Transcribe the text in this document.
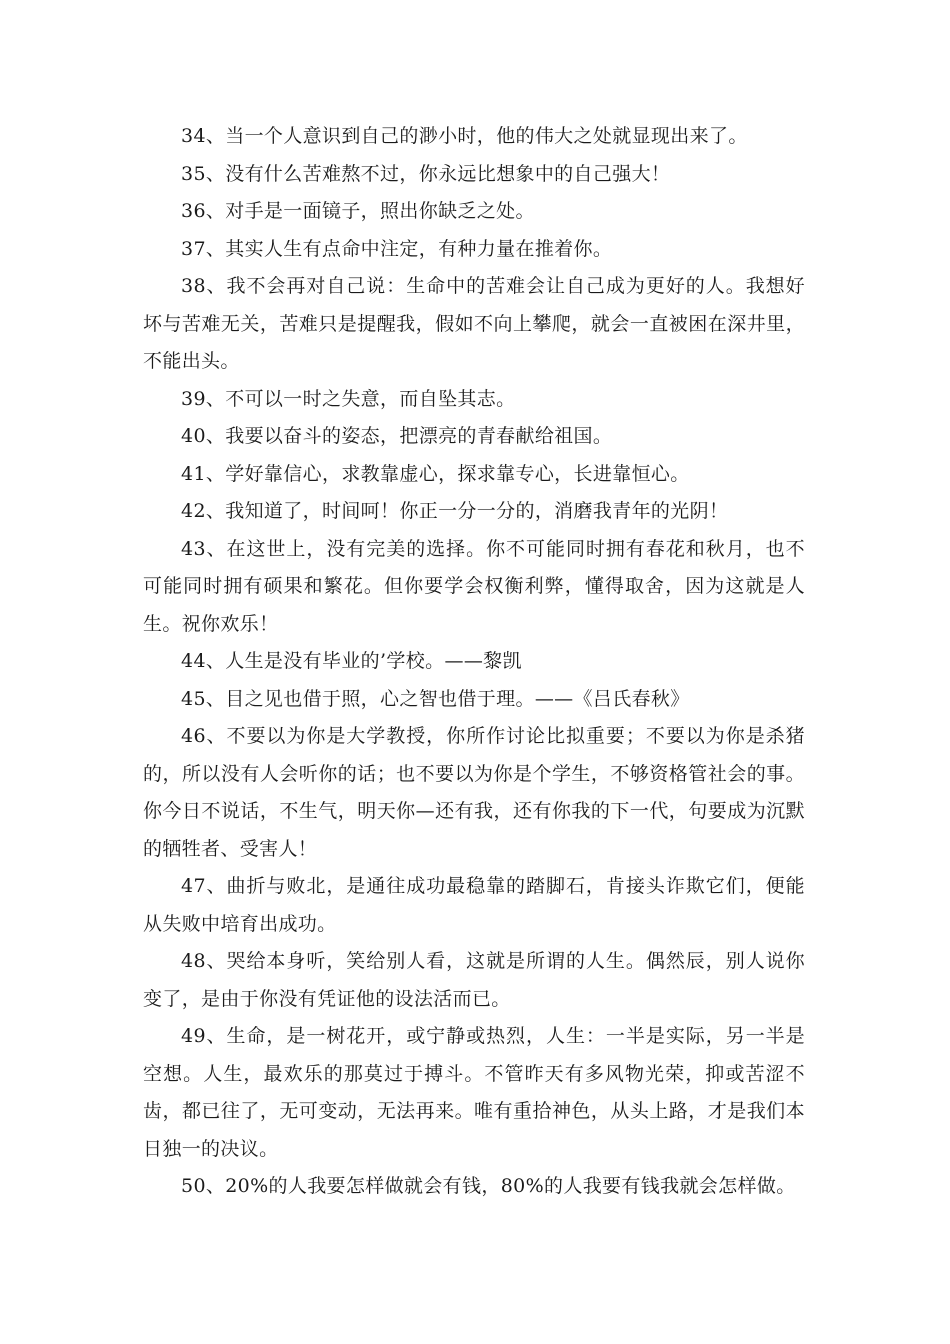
34、当一个人意识到自己的渺小时，他的伟大之处就显现出来了。

35、没有什么苦难熬不过，你永远比想象中的自己强大！

36、对手是一面镜子，照出你缺乏之处。

37、其实人生有点命中注定，有种力量在推着你。

38、我不会再对自己说：生命中的苦难会让自己成为更好的人。我想好坏与苦难无关，苦难只是提醒我，假如不向上攀爬，就会一直被困在深井里，不能出头。

39、不可以一时之失意，而自坠其志。

40、我要以奋斗的姿态，把漂亮的青春献给祖国。

41、学好靠信心，求教靠虚心，探求靠专心，长进靠恒心。

42、我知道了，时间呵！你正一分一分的，消磨我青年的光阴！

43、在这世上，没有完美的选择。你不可能同时拥有春花和秋月，也不可能同时拥有硕果和繁花。但你要学会权衡利弊，懂得取舍，因为这就是人生。祝你欢乐！

44、人生是没有毕业的’学校。——黎凯

45、目之见也借于照，心之智也借于理。——《吕氏春秋》

46、不要以为你是大学教授，你所作讨论比拟重要；不要以为你是杀猪的，所以没有人会听你的话；也不要以为你是个学生，不够资格管社会的事。你今日不说话，不生气，明天你—还有我，还有你我的下一代，句要成为沉默的牺牲者、受害人！

47、曲折与败北，是通往成功最稳靠的踏脚石，肯接头诈欺它们，便能从失败中培育出成功。

48、哭给本身听，笑给别人看，这就是所谓的人生。偶然辰，别人说你变了，是由于你没有凭证他的设法活而已。

49、生命，是一树花开，或宁静或热烈，人生：一半是实际，另一半是空想。人生，最欢乐的那莫过于搏斗。不管昨天有多风物光荣，抑或苦涩不齿，都已往了，无可变动，无法再来。唯有重拾神色，从头上路，才是我们本日独一的决议。

50、20%的人我要怎样做就会有钱，80%的人我要有钱我就会怎样做。
